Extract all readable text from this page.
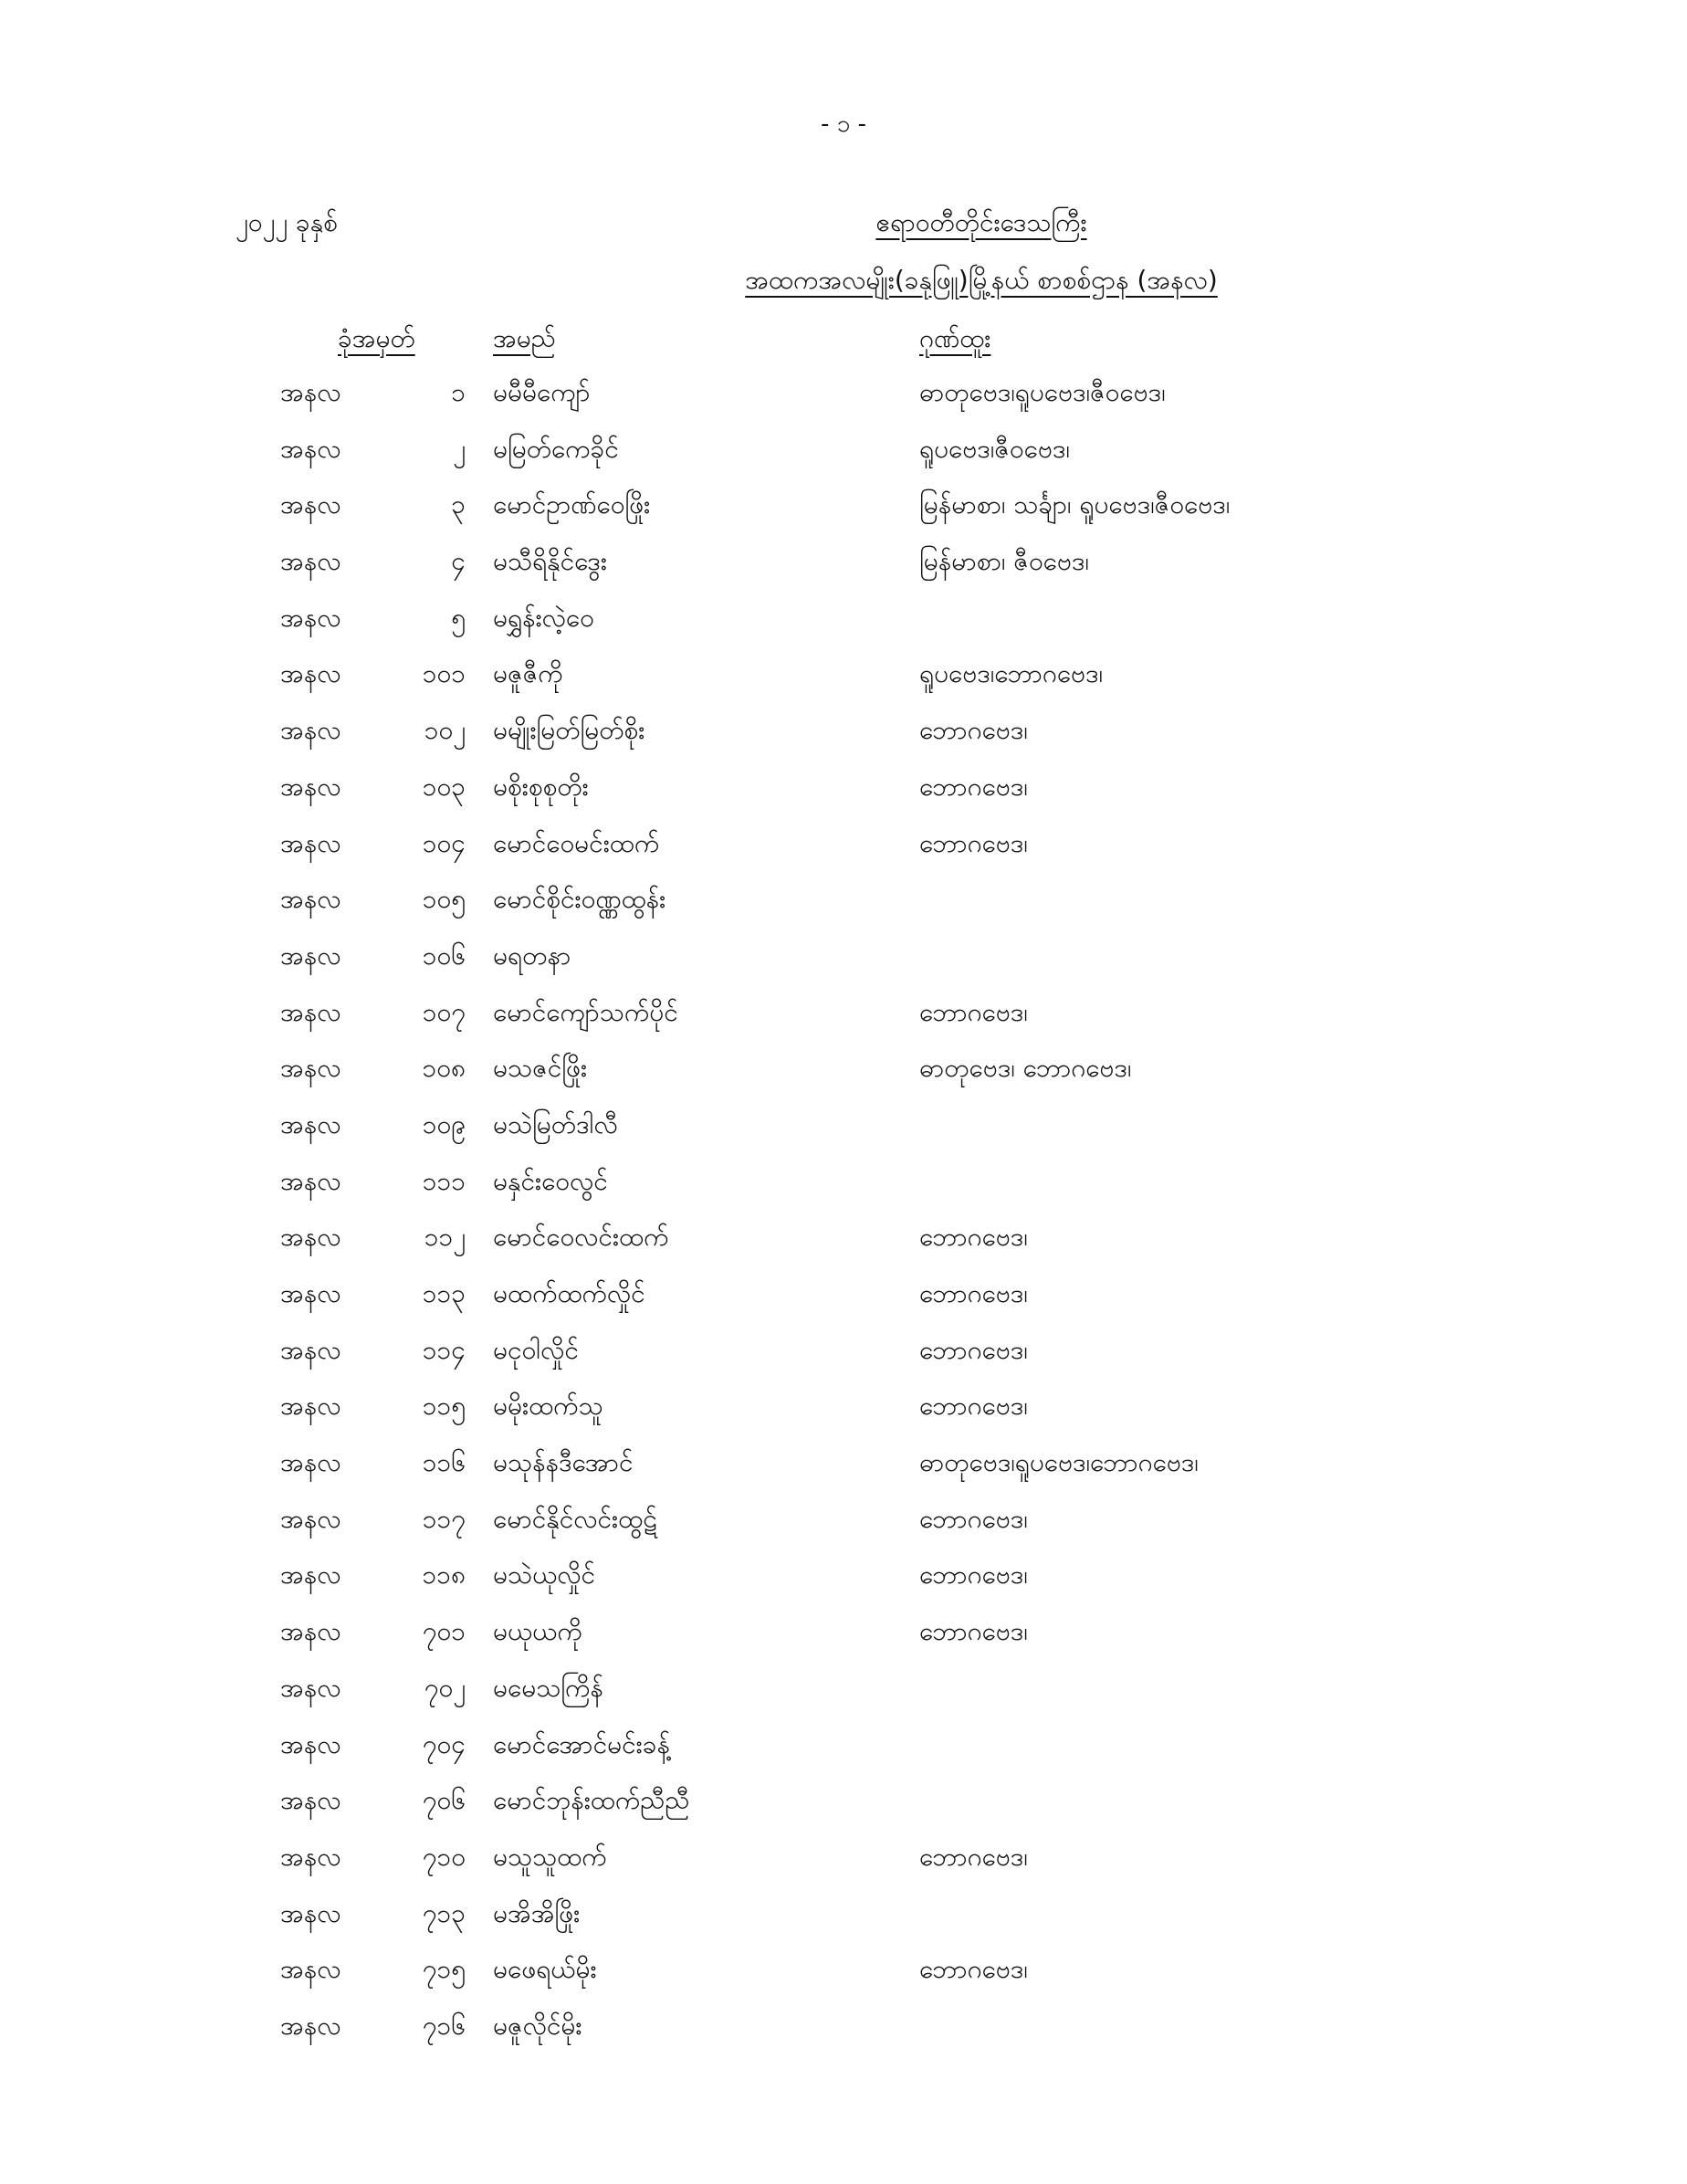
- ၁ -
၂၀၂၂ ခုနှစ်	ဧရာဝတီတိုင်းဒေသကြီး
အထကအလမျိုး(ခနုဖြူ)မြို့နယ် စာစစ်ဌာန (အနလ)
ခုံအမှတ်	အမည်	ဂုဏ်ထူး
အနလ	၁ မမီမီကျော်	ဓာတုဗေဒ၊ရူပဗေဒ၊ဇီဝဗေဒ၊
အနလ	၂ မမြတ်ကေခိုင်	ရူပဗေဒ၊ဇီဝဗေဒ၊
အနလ	၃ မောင်ဥာဏ်ဝေဖြိုး	မြန်မာစာ၊ သင်္ချာ၊ ရူပဗေဒ၊ဇီဝဗေဒ၊
အနလ	၄ မသီရိနိုင်ဒွေး	မြန်မာစာ၊ ဇီဝဗေဒ၊
အနလ	၅ မရွှန်းလဲ့ဝေ
အနလ	၁၀၁ မဇူဇီကို	ရူပဗေဒ၊ဘောဂဗေဒ၊
အနလ	၁၀၂ မမျိုးမြတ်မြတ်စိုး	ဘောဂဗေဒ၊
အနလ	၁၀၃ မစိုးစုစုတိုး	ဘောဂဗေဒ၊
အနလ	၁၀၄ မောင်ဝေမင်းထက်	ဘောဂဗေဒ၊
အနလ	၁၀၅ မောင်စိုင်းဝဏ္ဏထွန်း
အနလ	၁၀၆ မရတနာ
အနလ	၁၀၇ မောင်ကျော်သက်ပိုင်	ဘောဂဗေဒ၊
အနလ	၁၀၈ မသဇင်ဖြိုး	ဓာတုဗေဒ၊ ဘောဂဗေဒ၊
အနလ	၁၀၉ မသဲမြတ်ဒါလီ
အနလ	၁၁၁ မနှင်းဝေလွင်
အနလ	၁၁၂ မောင်ဝေလင်းထက်	ဘောဂဗေဒ၊
အနလ	၁၁၃ မထက်ထက်လှိုင်	ဘောဂဗေဒ၊
အနလ	၁၁၄ မငုဝါလှိုင်	ဘောဂဗေဒ၊
အနလ	၁၁၅ မမိုးထက်သူ	ဘောဂဗေဒ၊
အနလ	၁၁၆ မသုန်နဒီအောင်	ဓာတုဗေဒ၊ရူပဗေဒ၊ဘောဂဗေဒ၊
အနလ	၁၁၇ မောင်နိုင်လင်းထွဋ်	ဘောဂဗေဒ၊
အနလ	၁၁၈ မသဲယုလှိုင်	ဘောဂဗေဒ၊
အနလ	၇၀၁ မယုယကို	ဘောဂဗေဒ၊
အနလ	၇၀၂ မမေသကြိန်
အနလ	၇၀၄ မောင်အောင်မင်းခန့်
အနလ	၇၀၆ မောင်ဘုန်းထက်ညီညီ
အနလ	၇၁၀ မသူသူထက်	ဘောဂဗေဒ၊
အနလ	၇၁၃ မအိအိဖြိုး
အနလ	၇၁၅ မဖေရယ်မိုး	ဘောဂဗေဒ၊
အနလ	၇၁၆ မဇူလိုင်မိုး
